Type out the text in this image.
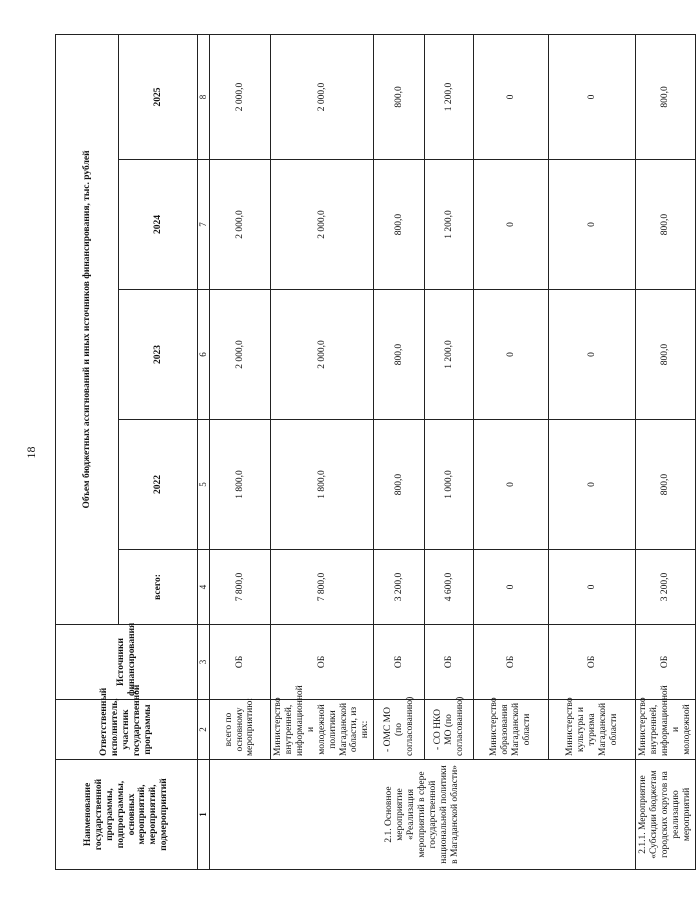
18
Наименование государственной программы, подпрограммы, основных мероприятий, мероприятий, подмероприятий	Ответственный исполнитель, участник государственной программы	Источники финансирования	Объем бюджетных ассигнований и иных источников финансирования, тыс. рублей				
			всего:	2022	2023	2024	2025
1	2	3	4	5	6	7	8
2.1. Основное мероприятие «Реализация мероприятий в сфере государственной национальной политики в Магаданской области»	всего по основному мероприятию:	ОБ	7 800,0	1 800,0	2 000,0	2 000,0	2 000,0
	Министерство внутренней, информационной и молодежной политики Магаданской области, из них:	ОБ	7 800,0	1 800,0	2 000,0	2 000,0	2 000,0
	- ОМС МО (по согласованию)	ОБ	3 200,0	800,0	800,0	800,0	800,0
	- СО НКО МО (по согласованию)	ОБ	4 600,0	1 000,0	1 200,0	1 200,0	1 200,0
	Министерство образования Магаданской области	ОБ	0	0	0	0	0
	Министерство культуры и туризма Магаданской области	ОБ	0	0	0	0	0
2.1.1. Мероприятие «Субсидии бюджетам городских округов на реализацию мероприятий	Министерство внутренней, информационной и молодежной	ОБ	3 200,0	800,0	800,0	800,0	800,0
